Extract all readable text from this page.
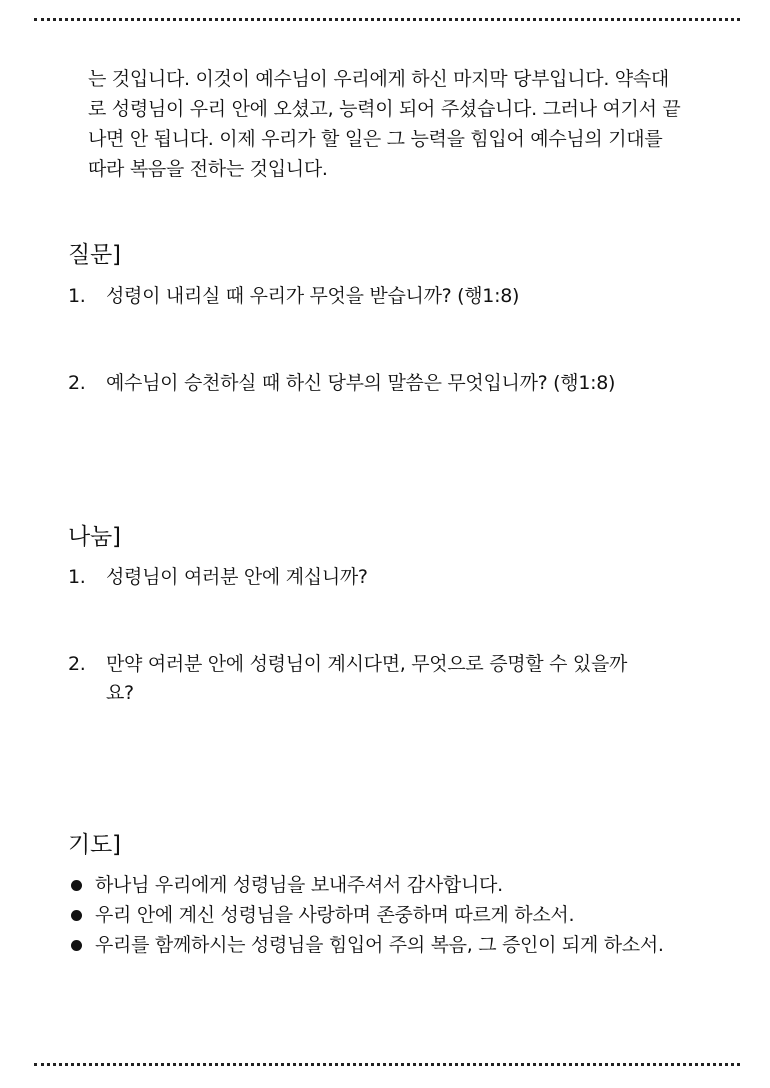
는 것입니다. 이것이 예수님이 우리에게 하신 마지막 당부입니다. 약속대
로 성령님이 우리 안에 오셨고, 능력이 되어 주셨습니다. 그러나 여기서 끝
나면 안 됩니다. 이제 우리가 할 일은 그 능력을 힘입어 예수님의 기대를
따라 복음을 전하는 것입니다.
질문]
1.	성령이 내리실 때 우리가 무엇을 받습니까? (행1:8)
2.	예수님이 승천하실 때 하신 당부의 말씀은 무엇입니까? (행1:8)
나눔]
1.	성령님이 여러분 안에 계십니까?
2.	만약 여러분 안에 성령님이 계시다면, 무엇으로 증명할 수 있을까
요?
기도]
하나님 우리에게 성령님을 보내주셔서 감사합니다.
우리 안에 계신 성령님을 사랑하며 존중하며 따르게 하소서.
우리를 함께하시는 성령님을 힘입어 주의 복음, 그 증인이 되게 하소서.
